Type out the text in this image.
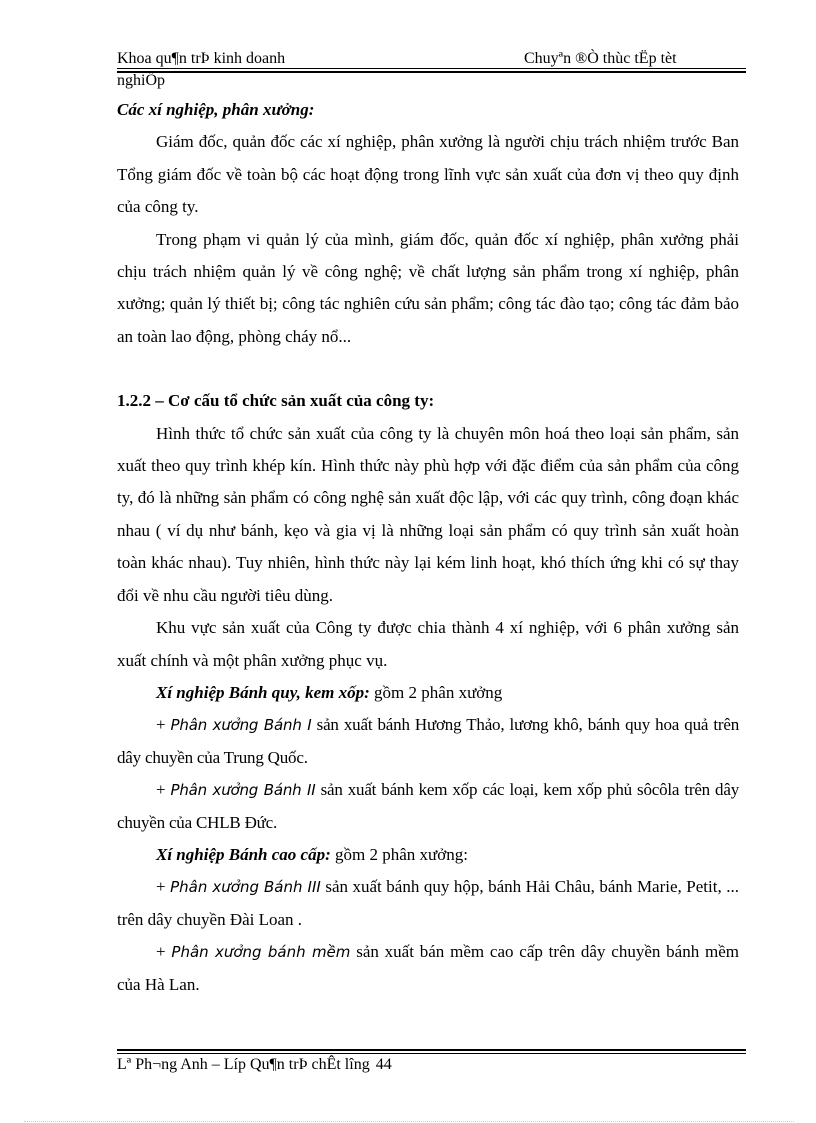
Khoa qu¶n trÞ kinh doanh	Chuyªn ®Ò thùc tËp tèt
nghiÖp

Các xí nghiệp, phân xưởng:

Giám đốc, quản đốc các xí nghiệp, phân xưởng là người chịu trách nhiệm trước Ban Tổng giám đốc về toàn bộ các hoạt động trong lĩnh vực sản xuất của đơn vị theo quy định của công ty.

Trong phạm vi quản lý của mình, giám đốc, quản đốc xí nghiệp, phân xưởng phải chịu trách nhiệm quản lý về công nghệ; về chất lượng sản phẩm trong xí nghiệp, phân xưởng; quản lý thiết bị; công tác nghiên cứu sản phẩm; công tác đào tạo; công tác đảm bảo an toàn lao động, phòng cháy nổ...

1.2.2 – Cơ cấu tổ chức sản xuất của công ty:

Hình thức tổ chức sản xuất của công ty là chuyên môn hoá theo loại sản phẩm, sản xuất theo quy trình khép kín. Hình thức này phù hợp với đặc điểm của sản phẩm của công ty, đó là những sản phẩm có công nghệ sản xuất độc lập, với các quy trình, công đoạn khác nhau ( ví dụ như bánh, kẹo và gia vị là những loại sản phẩm có quy trình sản xuất hoàn toàn khác nhau). Tuy nhiên, hình thức này lại kém linh hoạt, khó thích ứng khi có sự thay đổi về nhu cầu người tiêu dùng.

Khu vực sản xuất của Công ty được chia thành 4 xí nghiệp, với 6 phân xưởng sản xuất chính và một phân xưởng phục vụ.

Xí nghiệp Bánh quy, kem xốp: gồm 2 phân xưởng

+ Phân xưởng Bánh I sản xuất bánh Hương Thảo, lương khô, bánh quy hoa quả trên dây chuyền của Trung Quốc.

+ Phân xưởng Bánh II sản xuất bánh kem xốp các loại, kem xốp phủ sôcôla trên dây chuyền của CHLB Đức.

Xí nghiệp Bánh cao cấp: gồm 2 phân xưởng:

+ Phân xưởng Bánh III sản xuất bánh quy hộp, bánh Hải Châu, bánh Marie, Petit, ... trên dây chuyền Đài Loan .

+ Phân xưởng bánh mềm sản xuất bán mềm cao cấp trên dây chuyền bánh mềm của Hà Lan.

Lª Ph¬ng Anh – Líp Qu¶n trÞ chÊt lîng 44
